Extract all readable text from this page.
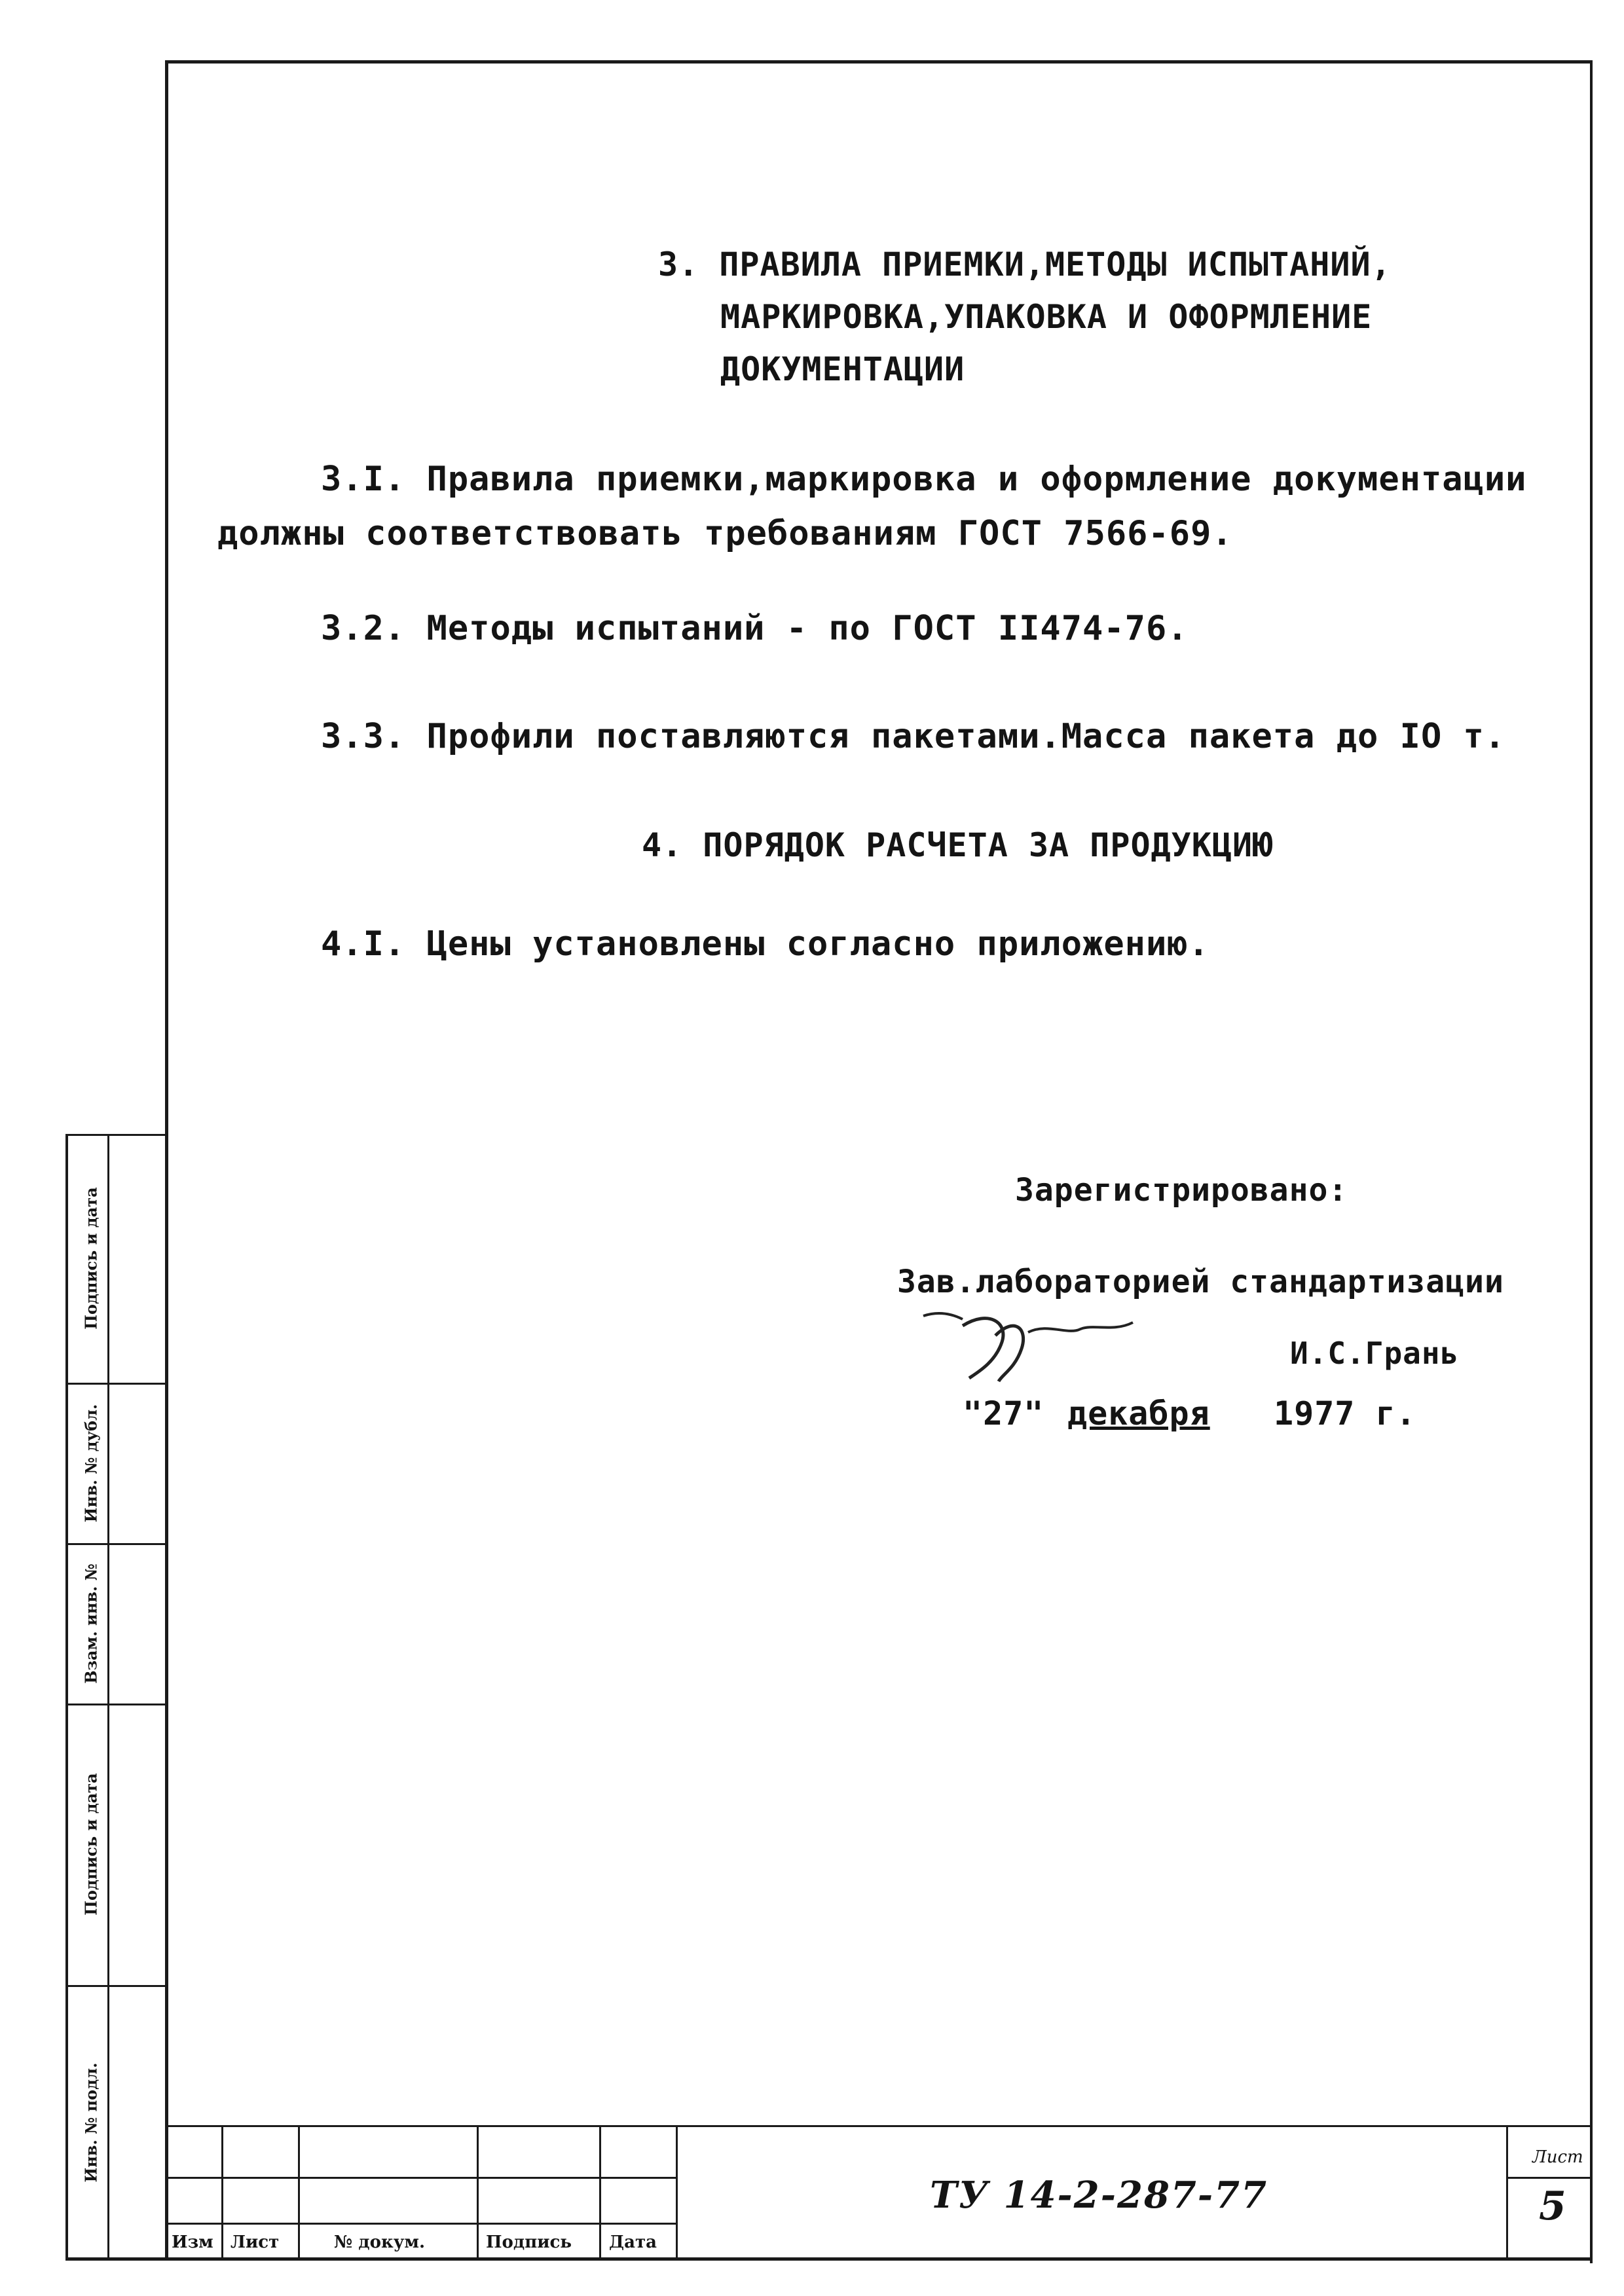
3. ПРАВИЛА ПРИЕМКИ,МЕТОДЫ ИСПЫТАНИЙ,
МАРКИРОВКА,УПАКОВКА И ОФОРМЛЕНИЕ
ДОКУМЕНТАЦИИ
3.I. Правила приемки,маркировка и оформление документации
должны соответствовать требованиям ГОСТ 7566-69.
3.2. Методы испытаний - по ГОСТ II474-76.
3.3. Профили поставляются пакетами.Масса пакета до IO т.
4. ПОРЯДОК РАСЧЕТА ЗА ПРОДУКЦИЮ
4.I. Цены установлены согласно приложению.
Зарегистрировано:
Зав.лабораторией стандартизации
И.С.Грань
"27" декабря 1977 г.
Подпись и дата
Инв. № дубл.
Взам. инв. №
Подпись и дата
Инв. № подл.
Изм Лист	№ докум.	Подпись Дата
ТУ 14-2-287-77
Лист
5
